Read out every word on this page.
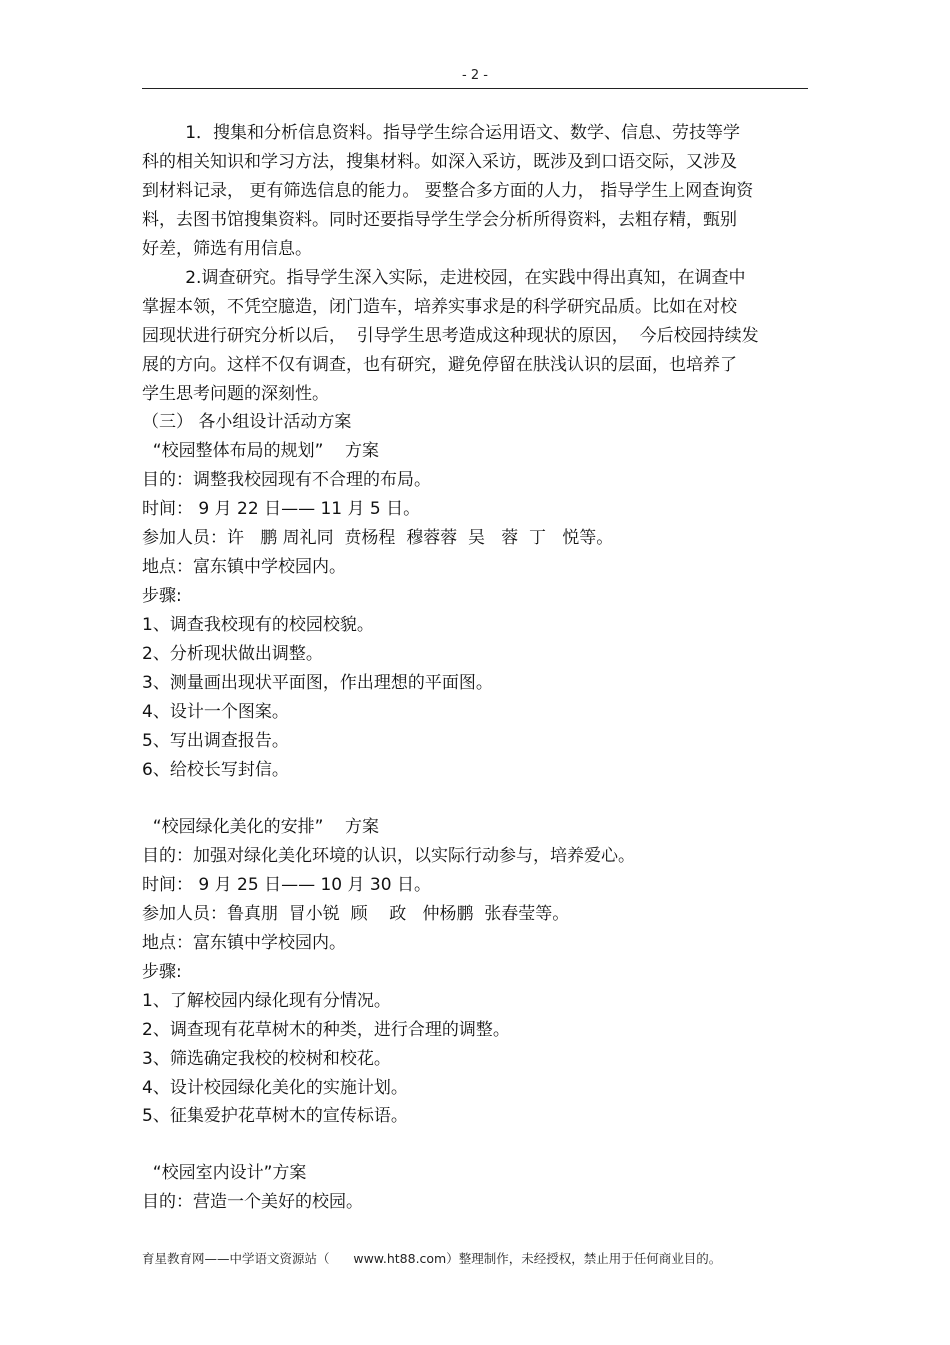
- 2 -
1．搜集和分析信息资料。指导学生综合运用语文、数学、信息、劳技等学
科的相关知识和学习方法，搜集材料。如深入采访，既涉及到口语交际，又涉及
到材料记录， 更有筛选信息的能力。 要整合多方面的人力， 指导学生上网查询资
料，去图书馆搜集资料。同时还要指导学生学会分析所得资料，去粗存精，甄别
好差，筛选有用信息。
2.调查研究。指导学生深入实际，走进校园，在实践中得出真知，在调查中
掌握本领，不凭空臆造，闭门造车，培养实事求是的科学研究品质。比如在对校
园现状进行研究分析以后，  引导学生思考造成这种现状的原因，  今后校园持续发
展的方向。这样不仅有调查，也有研究，避免停留在肤浅认识的层面，也培养了
学生思考问题的深刻性。
（三） 各小组设计活动方案
“校园整体布局的规划”    方案
目的：调整我校园现有不合理的布局。
时间： 9 月 22 日—— 11 月 5 日。
参加人员：许   鹏 周礼同  贲杨程  穆蓉蓉  吴   蓉  丁   悦等。
地点：富东镇中学校园内。
步骤:
1、调查我校现有的校园校貌。
2、分析现状做出调整。
3、测量画出现状平面图，作出理想的平面图。
4、设计一个图案。
5、写出调查报告。
6、给校长写封信。
“校园绿化美化的安排”    方案
目的：加强对绿化美化环境的认识，以实际行动参与，培养爱心。
时间： 9 月 25 日—— 10 月 30 日。
参加人员：鲁真朋  冒小锐  顾    政   仲杨鹏  张春莹等。
地点：富东镇中学校园内。
步骤:
1、了解校园内绿化现有分情况。
2、调查现有花草树木的种类，进行合理的调整。
3、筛选确定我校的校树和校花。
4、设计校园绿化美化的实施计划。
5、征集爱护花草树木的宣传标语。
“校园室内设计”方案
目的：营造一个美好的校园。
育星教育网——中学语文资源站（      www.ht88.com）整理制作，未经授权，禁止用于任何商业目的。
